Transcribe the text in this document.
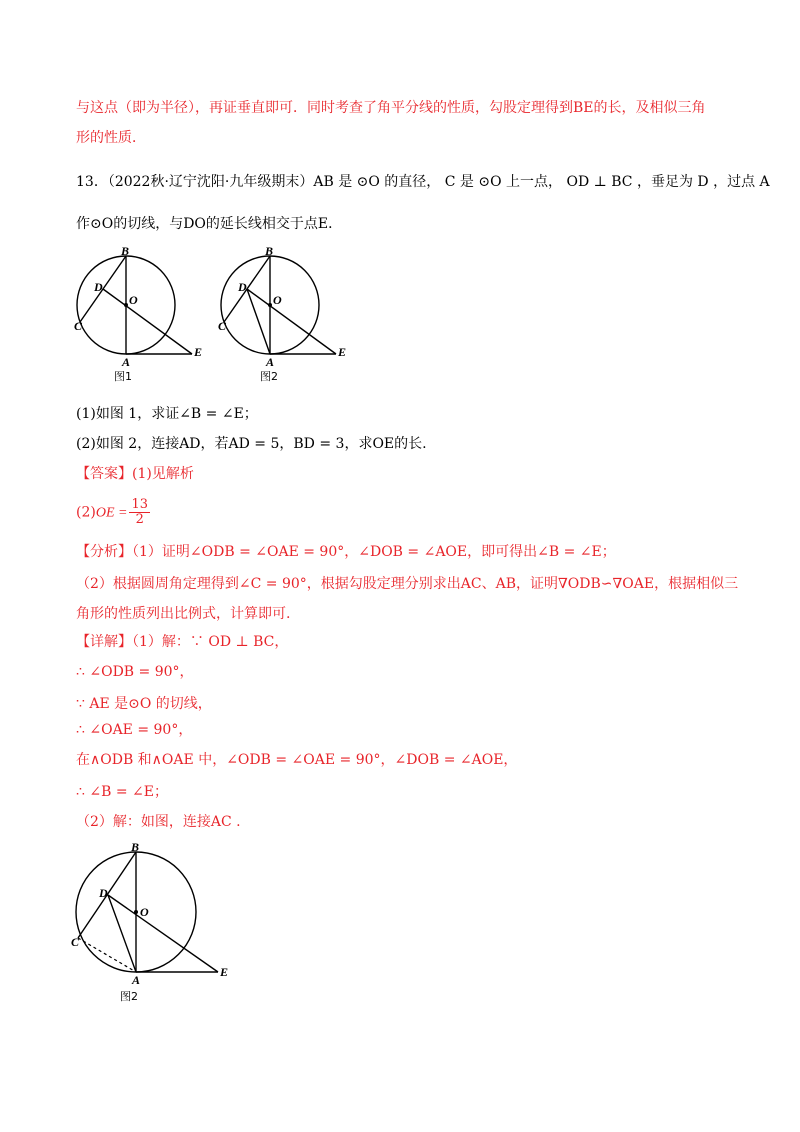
与这点（即为半径），再证垂直即可．同时考查了角平分线的性质，勾股定理得到BE的长，及相似三角
形的性质．
13．（2022秋·辽宁沈阳·九年级期末）AB 是 ⊙O 的直径， C 是 ⊙O 上一点， OD ⊥ BC ，垂足为 D ，过点 A
作⊙O的切线，与DO的延长线相交于点E．
B
D
O
C
A
E
图1
B
D
O
C
A
E
图2
(1)如图 1，求证∠B = ∠E；
(2)如图 2，连接AD，若AD = 5，BD = 3，求OE的长.
【答案】(1)见解析
$(2)OE = \frac{13}{2}$
【分析】（1）证明∠ODB = ∠OAE = 90°，∠DOB = ∠AOE，即可得出∠B = ∠E；
（2）根据圆周角定理得到∠C = 90°，根据勾股定理分别求出AC、AB，证明∇ODB∽∇OAE，根据相似三
角形的性质列出比例式，计算即可.
【详解】（1）解：∵ OD ⊥ BC，
∴ ∠ODB = 90°，
∵ AE 是⊙O 的切线，
∴ ∠OAE = 90°，
在∧ODB 和∧OAE 中，∠ODB = ∠OAE = 90°，∠DOB = ∠AOE，
∴ ∠B = ∠E；
（2）解：如图，连接AC .
B
D
O
C
A
E
图2
